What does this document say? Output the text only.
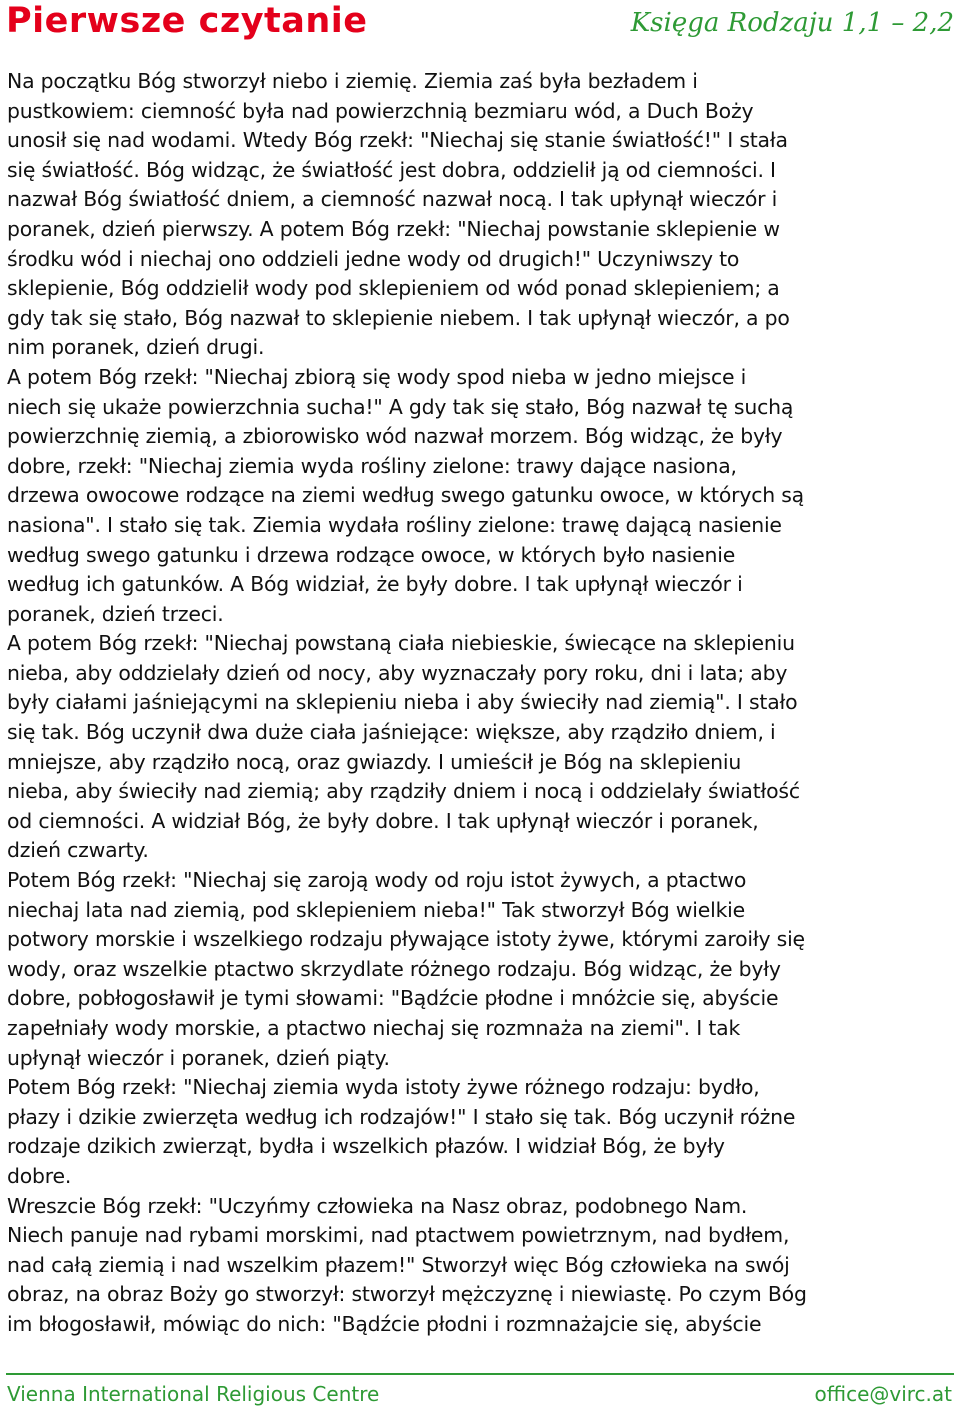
Pierwsze czytanie	Księga Rodzaju 1,1 – 2,2

Na początku Bóg stworzył niebo i ziemię. Ziemia zaś była bezładem i

pustkowiem: ciemność była nad powierzchnią bezmiaru wód, a Duch Boży

unosił się nad wodami. Wtedy Bóg rzekł: "Niechaj się stanie światłość!" I stała

się światłość. Bóg widząc, że światłość jest dobra, oddzielił ją od ciemności. I

nazwał Bóg światłość dniem, a ciemność nazwał nocą. I tak upłynął wieczór i

poranek, dzień pierwszy. A potem Bóg rzekł: "Niechaj powstanie sklepienie w

środku wód i niechaj ono oddzieli jedne wody od drugich!" Uczyniwszy to

sklepienie, Bóg oddzielił wody pod sklepieniem od wód ponad sklepieniem; a

gdy tak się stało, Bóg nazwał to sklepienie niebem. I tak upłynął wieczór, a po

nim poranek, dzień drugi.

A potem Bóg rzekł: "Niechaj zbiorą się wody spod nieba w jedno miejsce i

niech się ukaże powierzchnia sucha!" A gdy tak się stało, Bóg nazwał tę suchą

powierzchnię ziemią, a zbiorowisko wód nazwał morzem. Bóg widząc, że były

dobre, rzekł: "Niechaj ziemia wyda rośliny zielone: trawy dające nasiona,

drzewa owocowe rodzące na ziemi według swego gatunku owoce, w których są

nasiona". I stało się tak. Ziemia wydała rośliny zielone: trawę dającą nasienie

według swego gatunku i drzewa rodzące owoce, w których było nasienie

według ich gatunków. A Bóg widział, że były dobre. I tak upłynął wieczór i

poranek, dzień trzeci.

A potem Bóg rzekł: "Niechaj powstaną ciała niebieskie, świecące na sklepieniu

nieba, aby oddzielały dzień od nocy, aby wyznaczały pory roku, dni i lata; aby

były ciałami jaśniejącymi na sklepieniu nieba i aby świeciły nad ziemią". I stało

się tak. Bóg uczynił dwa duże ciała jaśniejące: większe, aby rządziło dniem, i

mniejsze, aby rządziło nocą, oraz gwiazdy. I umieścił je Bóg na sklepieniu

nieba, aby świeciły nad ziemią; aby rządziły dniem i nocą i oddzielały światłość

od ciemności. A widział Bóg, że były dobre. I tak upłynął wieczór i poranek,

dzień czwarty.

Potem Bóg rzekł: "Niechaj się zaroją wody od roju istot żywych, a ptactwo

niechaj lata nad ziemią, pod sklepieniem nieba!" Tak stworzył Bóg wielkie

potwory morskie i wszelkiego rodzaju pływające istoty żywe, którymi zaroiły się

wody, oraz wszelkie ptactwo skrzydlate różnego rodzaju. Bóg widząc, że były

dobre, pobłogosławił je tymi słowami: "Bądźcie płodne i mnóżcie się, abyście

zapełniały wody morskie, a ptactwo niechaj się rozmnaża na ziemi". I tak

upłynął wieczór i poranek, dzień piąty.

Potem Bóg rzekł: "Niechaj ziemia wyda istoty żywe różnego rodzaju: bydło,

płazy i dzikie zwierzęta według ich rodzajów!" I stało się tak. Bóg uczynił różne

rodzaje dzikich zwierząt, bydła i wszelkich płazów. I widział Bóg, że były

dobre.

Wreszcie Bóg rzekł: "Uczyńmy człowieka na Nasz obraz, podobnego Nam.

Niech panuje nad rybami morskimi, nad ptactwem powietrznym, nad bydłem,

nad całą ziemią i nad wszelkim płazem!" Stworzył więc Bóg człowieka na swój

obraz, na obraz Boży go stworzył: stworzył mężczyznę i niewiastę. Po czym Bóg

im błogosławił, mówiąc do nich: "Bądźcie płodni i rozmnażajcie się, abyście

Vienna International Religious Centre	office@virc.at
